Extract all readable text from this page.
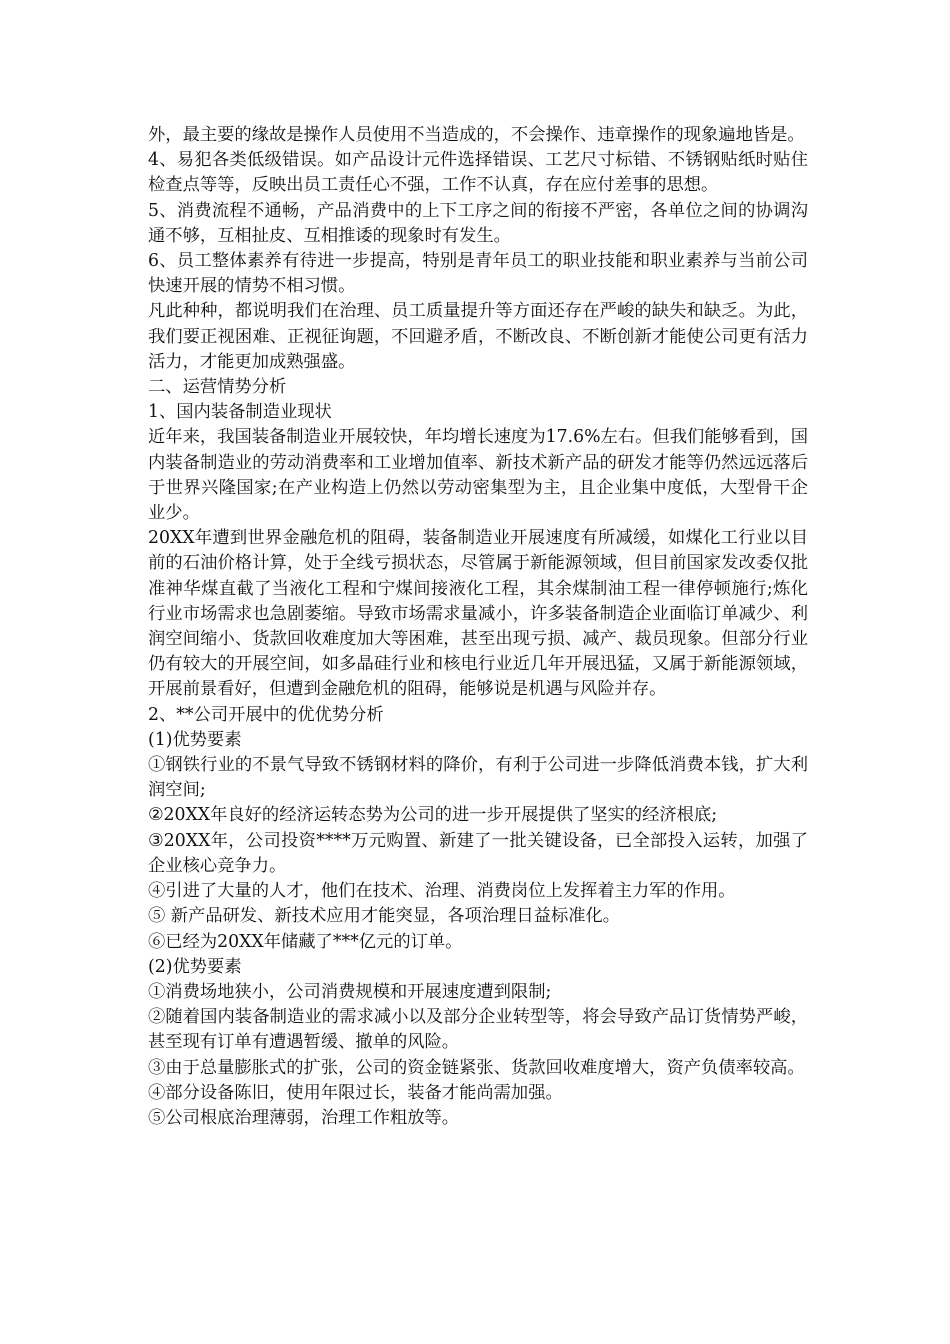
外，最主要的缘故是操作人员使用不当造成的，不会操作、违章操作的现象遍地皆是。

4、易犯各类低级错误。如产品设计元件选择错误、工艺尺寸标错、不锈钢贴纸时贴住检查点等等，反映出员工责任心不强，工作不认真，存在应付差事的思想。

5、消费流程不通畅，产品消费中的上下工序之间的衔接不严密，各单位之间的协调沟通不够，互相扯皮、互相推诿的现象时有发生。

6、员工整体素养有待进一步提高，特别是青年员工的职业技能和职业素养与当前公司快速开展的情势不相习惯。

凡此种种，都说明我们在治理、员工质量提升等方面还存在严峻的缺失和缺乏。为此，我们要正视困难、正视征询题，不回避矛盾，不断改良、不断创新才能使公司更有活力活力，才能更加成熟强盛。

二、运营情势分析

1、国内装备制造业现状

近年来，我国装备制造业开展较快，年均增长速度为17.6%左右。但我们能够看到，国内装备制造业的劳动消费率和工业增加值率、新技术新产品的研发才能等仍然远远落后于世界兴隆国家;在产业构造上仍然以劳动密集型为主，且企业集中度低，大型骨干企业少。

20XX年遭到世界金融危机的阻碍，装备制造业开展速度有所减缓，如煤化工行业以目前的石油价格计算，处于全线亏损状态，尽管属于新能源领域，但目前国家发改委仅批准神华煤直截了当液化工程和宁煤间接液化工程，其余煤制油工程一律停顿施行;炼化行业市场需求也急剧萎缩。导致市场需求量减小，许多装备制造企业面临订单减少、利润空间缩小、货款回收难度加大等困难，甚至出现亏损、减产、裁员现象。但部分行业仍有较大的开展空间，如多晶硅行业和核电行业近几年开展迅猛，又属于新能源领域，开展前景看好，但遭到金融危机的阻碍，能够说是机遇与风险并存。

2、**公司开展中的优优势分析

(1)优势要素

①钢铁行业的不景气导致不锈钢材料的降价，有利于公司进一步降低消费本钱，扩大利润空间;

②20XX年良好的经济运转态势为公司的进一步开展提供了坚实的经济根底;

③20XX年，公司投资****万元购置、新建了一批关键设备，已全部投入运转，加强了企业核心竞争力。

④引进了大量的人才，他们在技术、治理、消费岗位上发挥着主力军的作用。

⑤ 新产品研发、新技术应用才能突显，各项治理日益标准化。

⑥已经为20XX年储藏了***亿元的订单。

(2)优势要素

①消费场地狭小，公司消费规模和开展速度遭到限制;

②随着国内装备制造业的需求减小以及部分企业转型等，将会导致产品订货情势严峻，甚至现有订单有遭遇暂缓、撤单的风险。

③由于总量膨胀式的扩张，公司的资金链紧张、货款回收难度增大，资产负债率较高。

④部分设备陈旧，使用年限过长，装备才能尚需加强。

⑤公司根底治理薄弱，治理工作粗放等。
